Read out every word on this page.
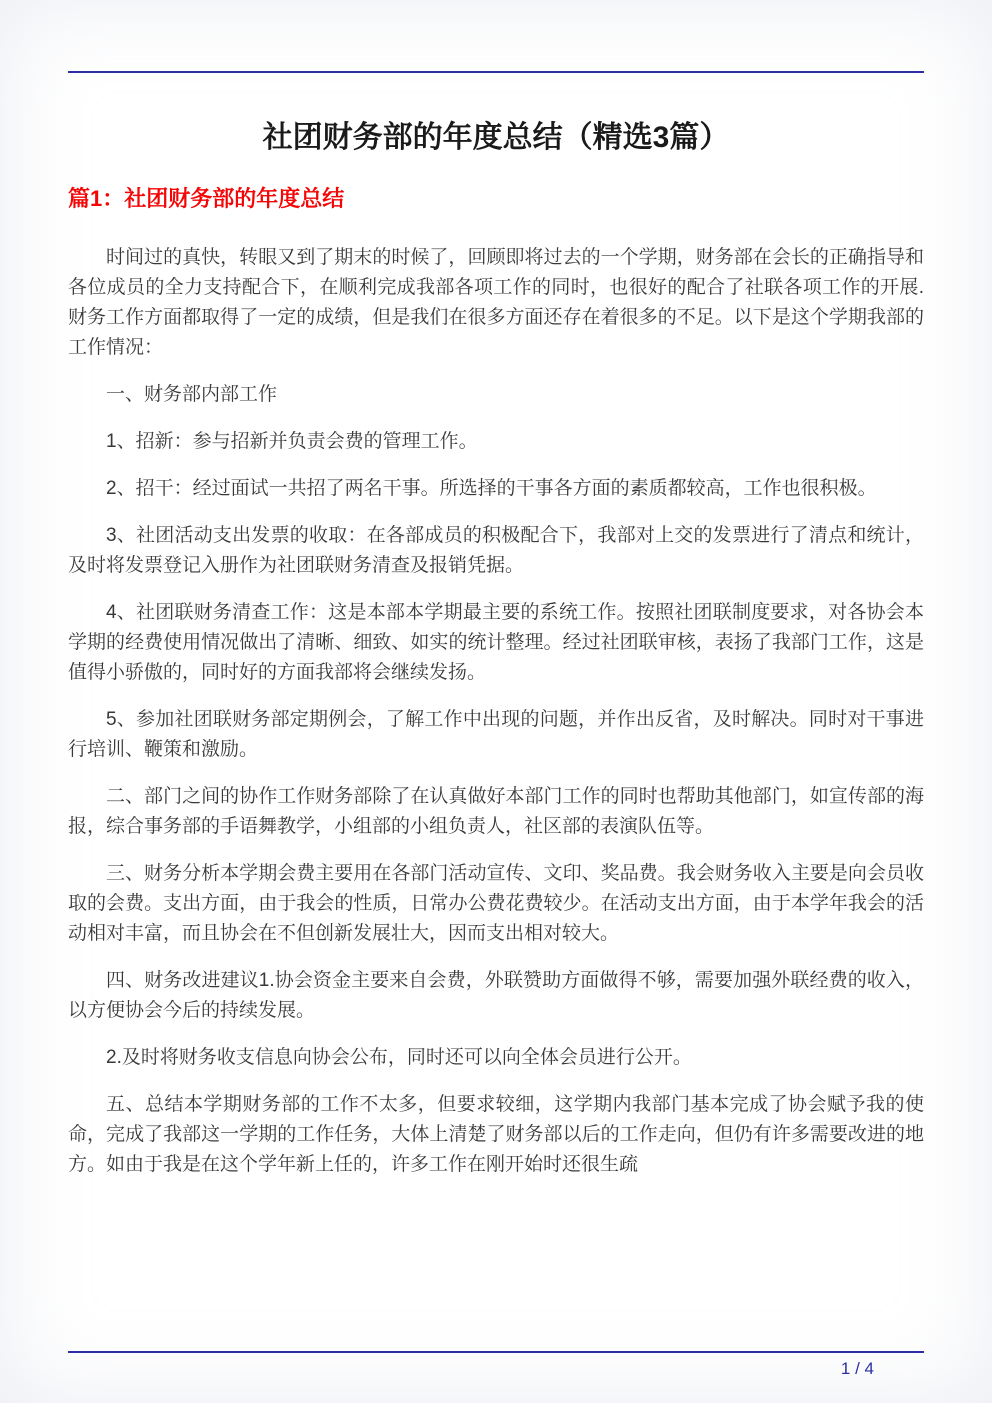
社团财务部的年度总结（精选3篇）
篇1：社团财务部的年度总结

时间过的真快，转眼又到了期末的时候了，回顾即将过去的一个学期，财务部在会长的正确指导和各位成员的全力支持配合下，在顺利完成我部各项工作的同时，也很好的配合了社联各项工作的开展.财务工作方面都取得了一定的成绩，但是我们在很多方面还存在着很多的不足。以下是这个学期我部的工作情况：

一、财务部内部工作

1、招新：参与招新并负责会费的管理工作。

2、招干：经过面试一共招了两名干事。所选择的干事各方面的素质都较高，工作也很积极。

3、社团活动支出发票的收取：在各部成员的积极配合下，我部对上交的发票进行了清点和统计，及时将发票登记入册作为社团联财务清查及报销凭据。

4、社团联财务清查工作：这是本部本学期最主要的系统工作。按照社团联制度要求，对各协会本学期的经费使用情况做出了清晰、细致、如实的统计整理。经过社团联审核，表扬了我部门工作，这是值得小骄傲的，同时好的方面我部将会继续发扬。

5、参加社团联财务部定期例会，了解工作中出现的问题，并作出反省，及时解决。同时对干事进行培训、鞭策和激励。

二、部门之间的协作工作财务部除了在认真做好本部门工作的同时也帮助其他部门，如宣传部的海报，综合事务部的手语舞教学，小组部的小组负责人，社区部的表演队伍等。

三、财务分析本学期会费主要用在各部门活动宣传、文印、奖品费。我会财务收入主要是向会员收取的会费。支出方面，由于我会的性质，日常办公费花费较少。在活动支出方面，由于本学年我会的活动相对丰富，而且协会在不但创新发展壮大，因而支出相对较大。

四、财务改进建议1.协会资金主要来自会费，外联赞助方面做得不够，需要加强外联经费的收入，以方便协会今后的持续发展。

2.及时将财务收支信息向协会公布，同时还可以向全体会员进行公开。

五、总结本学期财务部的工作不太多，但要求较细，这学期内我部门基本完成了协会赋予我的使命，完成了我部这一学期的工作任务，大体上清楚了财务部以后的工作走向，但仍有许多需要改进的地方。如由于我是在这个学年新上任的，许多工作在刚开始时还很生疏

1 / 4
